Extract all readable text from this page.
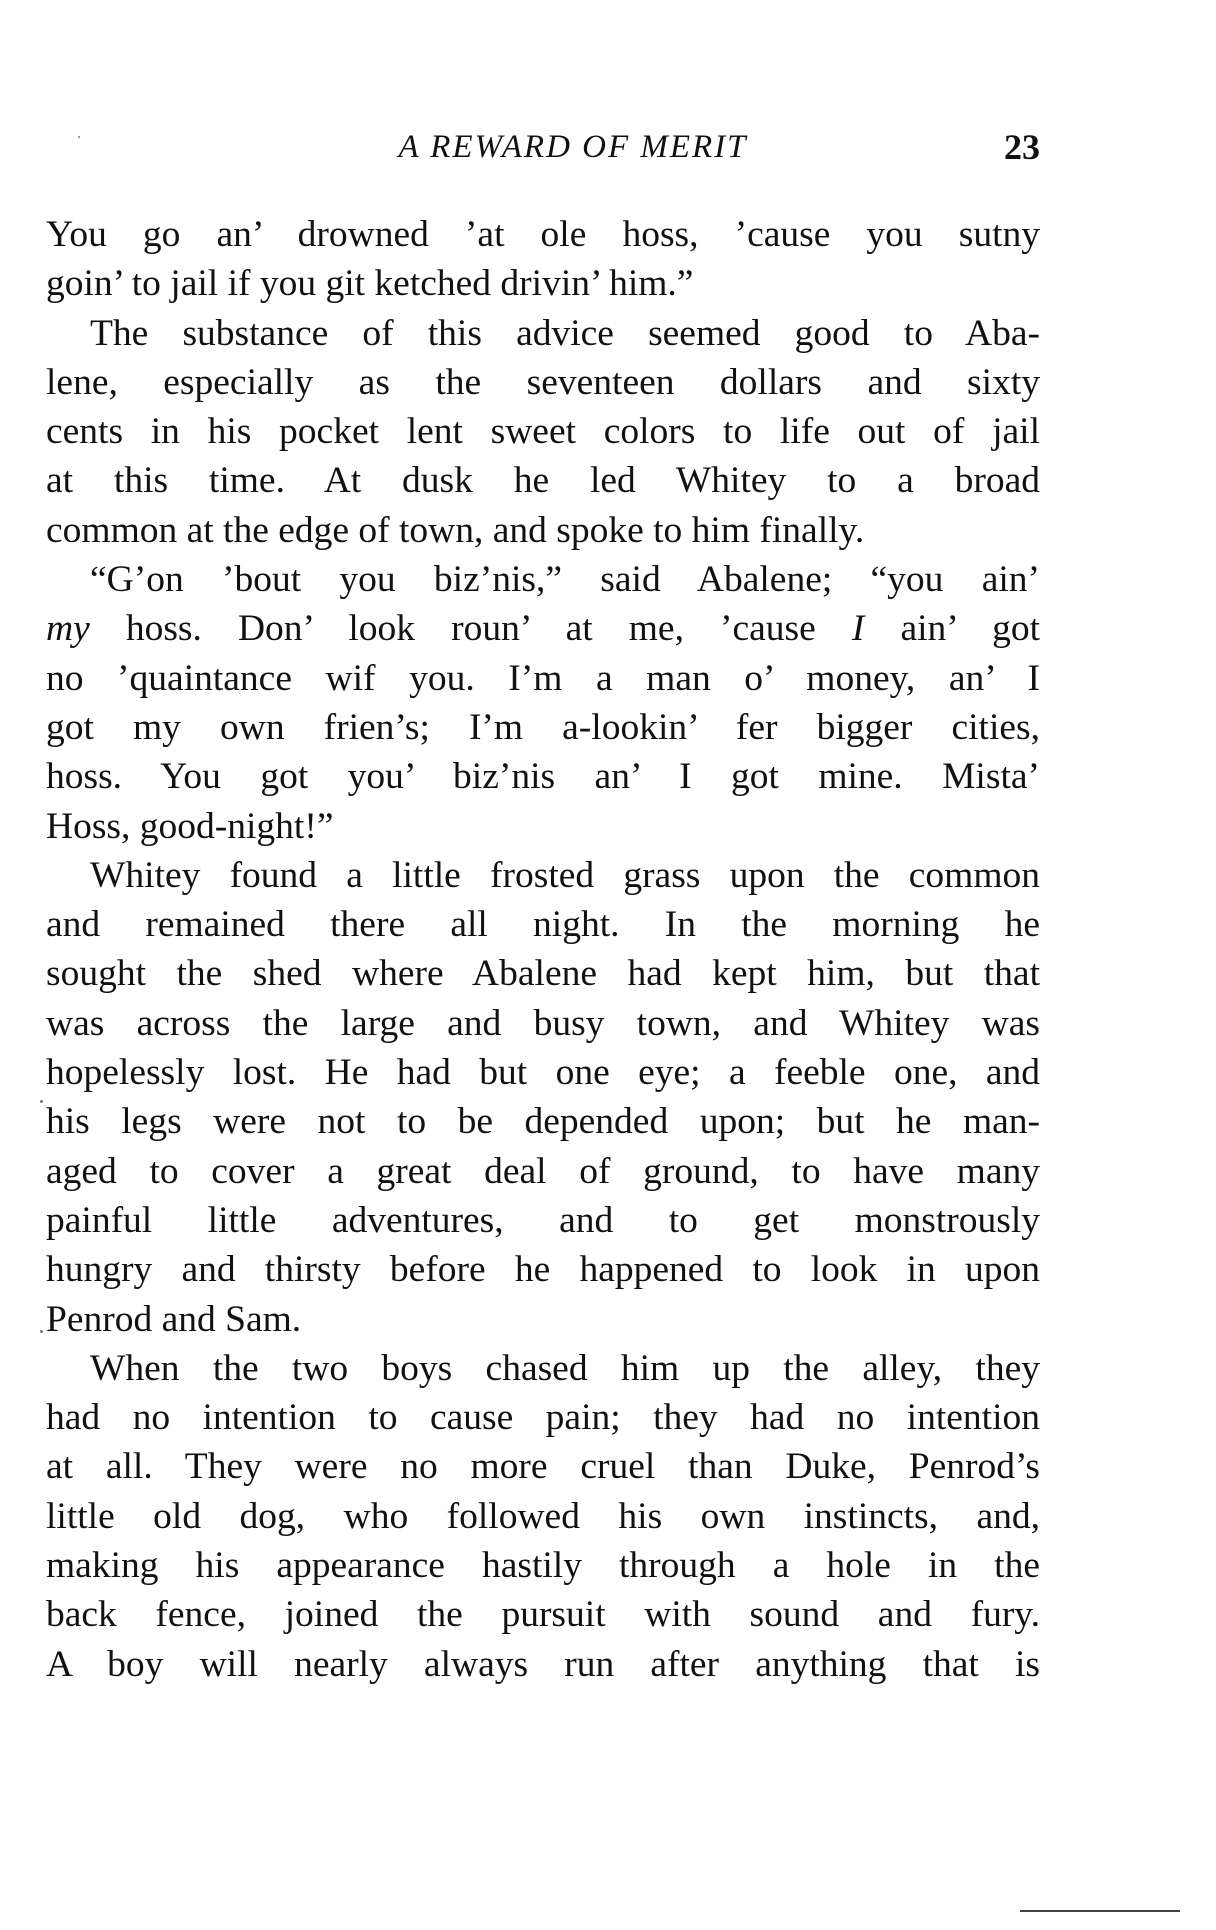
A REWARD OF MERIT	23
You go an’ drowned ’at ole hoss, ’cause you sutny
goin’ to jail if you git ketched drivin’ him.”
The substance of this advice seemed good to Aba-
lene, especially as the seventeen dollars and sixty
cents in his pocket lent sweet colors to life out of jail
at this time. At dusk he led Whitey to a broad
common at the edge of town, and spoke to him finally.
“G’on ’bout you biz’nis,” said Abalene; “you ain’
my hoss. Don’ look roun’ at me, ’cause I ain’ got
no ’quaintance wif you. I’m a man o’ money, an’ I
got my own frien’s; I’m a-lookin’ fer bigger cities,
hoss. You got you’ biz’nis an’ I got mine. Mista’
Hoss, good-night!”
Whitey found a little frosted grass upon the common
and remained there all night. In the morning he
sought the shed where Abalene had kept him, but that
was across the large and busy town, and Whitey was
hopelessly lost. He had but one eye; a feeble one, and
his legs were not to be depended upon; but he man-
aged to cover a great deal of ground, to have many
painful little adventures, and to get monstrously
hungry and thirsty before he happened to look in upon
Penrod and Sam.
When the two boys chased him up the alley, they
had no intention to cause pain; they had no intention
at all. They were no more cruel than Duke, Penrod’s
little old dog, who followed his own instincts, and,
making his appearance hastily through a hole in the
back fence, joined the pursuit with sound and fury.
A boy will nearly always run after anything that is
